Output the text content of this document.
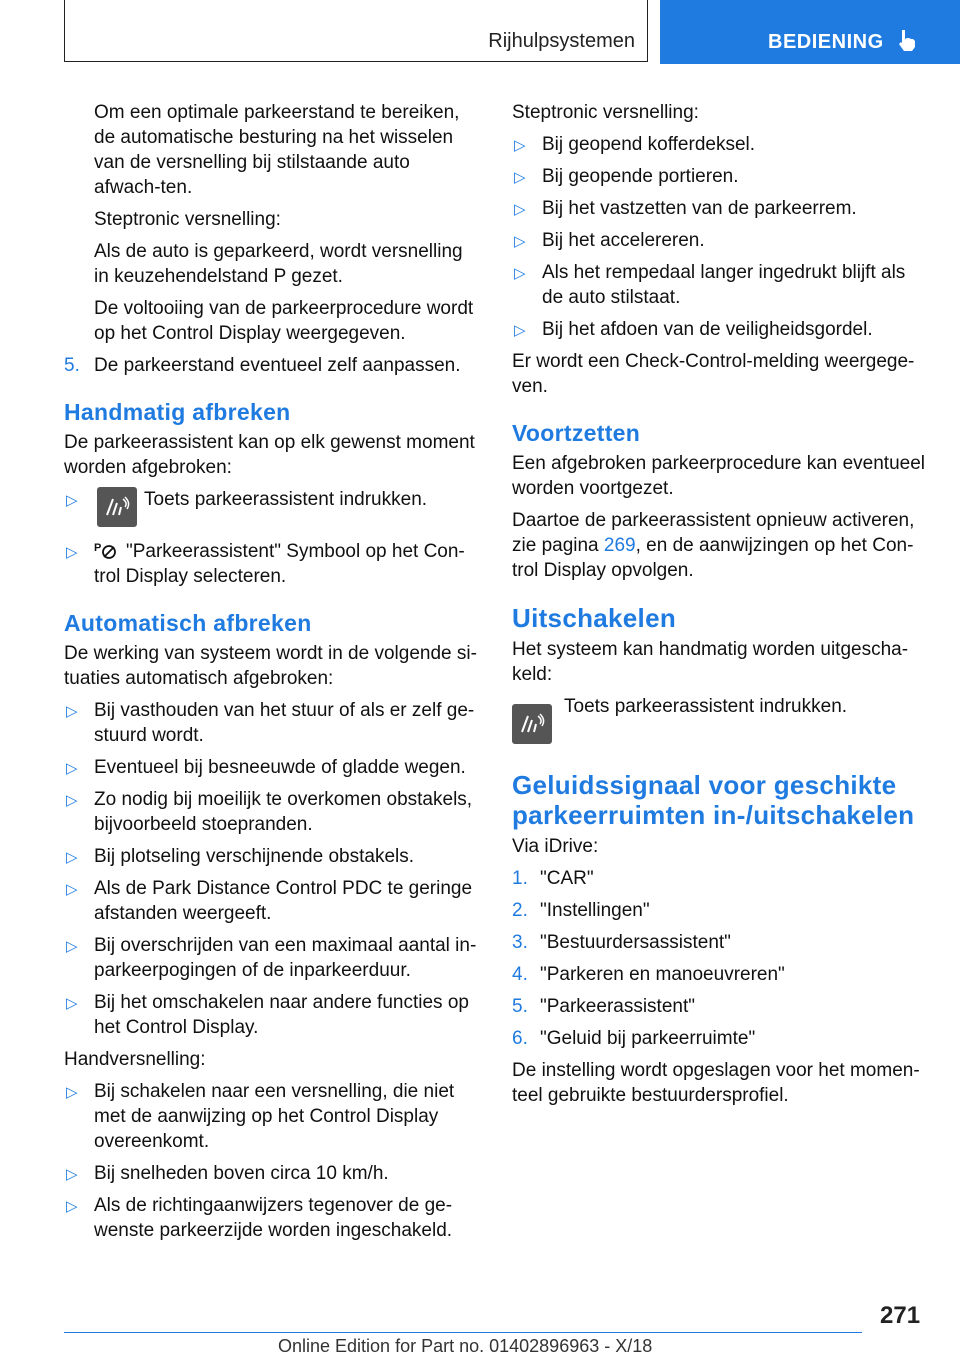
Rijhulpsystemen	BEDIENING

Om een optimale parkeerstand te bereiken, de automatische besturing na het wisselen van de versnelling bij stilstaande auto afwach-ten.

Steptronic versnelling:

Als de auto is geparkeerd, wordt versnelling in keuzehendelstand P gezet.

De voltooiing van de parkeerprocedure wordt op het Control Display weergegeven.

5. De parkeerstand eventueel zelf aanpassen.
Handmatig afbreken

De parkeerassistent kan op elk gewenst moment worden afgebroken:

▷	Toets parkeerassistent indrukken.
▷ P "Parkeerassistent" Symbool op het Con-trol Display selecteren.
Automatisch afbreken

De werking van systeem wordt in de volgende si-tuaties automatisch afgebroken:

▷ Bij vasthouden van het stuur of als er zelf ge-stuurd wordt.
▷ Eventueel bij besneeuwde of gladde wegen.
▷ Zo nodig bij moeilijk te overkomen obstakels, bijvoorbeeld stoepranden.
▷ Bij plotseling verschijnende obstakels.
▷ Als de Park Distance Control PDC te geringe afstanden weergeeft.
▷ Bij overschrijden van een maximaal aantal in-parkeerpogingen of de inparkeerduur.
▷ Bij het omschakelen naar andere functies op het Control Display.

Handversnelling:

▷ Bij schakelen naar een versnelling, die niet met de aanwijzing op het Control Display overeenkomt.
▷ Bij snelheden boven circa 10 km/h.
▷ Als de richtingaanwijzers tegenover de ge-wenste parkeerzijde worden ingeschakeld.

Steptronic versnelling:

▷ Bij geopend kofferdeksel.
▷ Bij geopende portieren.
▷ Bij het vastzetten van de parkeerrem.
▷ Bij het accelereren.
▷ Als het rempedaal langer ingedrukt blijft als de auto stilstaat.
▷ Bij het afdoen van de veiligheidsgordel.

Er wordt een Check-Control-melding weergege-ven.

Voortzetten

Een afgebroken parkeerprocedure kan eventueel worden voortgezet.

Daartoe de parkeerassistent opnieuw activeren, zie pagina 269, en de aanwijzingen op het Con-trol Display opvolgen.

Uitschakelen

Het systeem kan handmatig worden uitgescha-keld:

Toets parkeerassistent indrukken.
Geluidssignaal voor geschikte parkeerruimten in-/uitschakelen

Via iDrive:

1. "CAR"
2. "Instellingen"
3. "Bestuurdersassistent"
4. "Parkeren en manoeuvreren"
5. "Parkeerassistent"
6. "Geluid bij parkeerruimte"

De instelling wordt opgeslagen voor het momen-teel gebruikte bestuurdersprofiel.

271
Online Edition for Part no. 01402896963 - X/18
